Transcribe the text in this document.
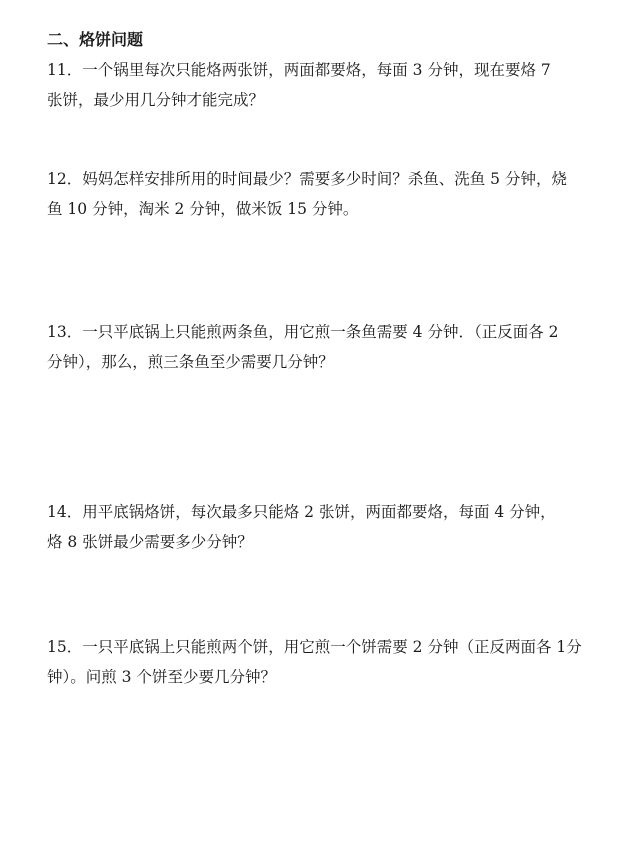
二、烙饼问题
11．一个锅里每次只能烙两张饼，两面都要烙，每面 3 分钟，现在要烙 7
张饼，最少用几分钟才能完成？
12．妈妈怎样安排所用的时间最少？需要多少时间？杀鱼、洗鱼 5 分钟，烧
鱼 10 分钟，淘米 2 分钟，做米饭 15 分钟。
13．一只平底锅上只能煎两条鱼，用它煎一条鱼需要 4 分钟．（正反面各 2
分钟），那么，煎三条鱼至少需要几分钟？
14．用平底锅烙饼，每次最多只能烙 2 张饼，两面都要烙，每面 4 分钟，
烙 8 张饼最少需要多少分钟？
15．一只平底锅上只能煎两个饼，用它煎一个饼需要 2 分钟（正反两面各 1分
钟）。问煎 3 个饼至少要几分钟？
